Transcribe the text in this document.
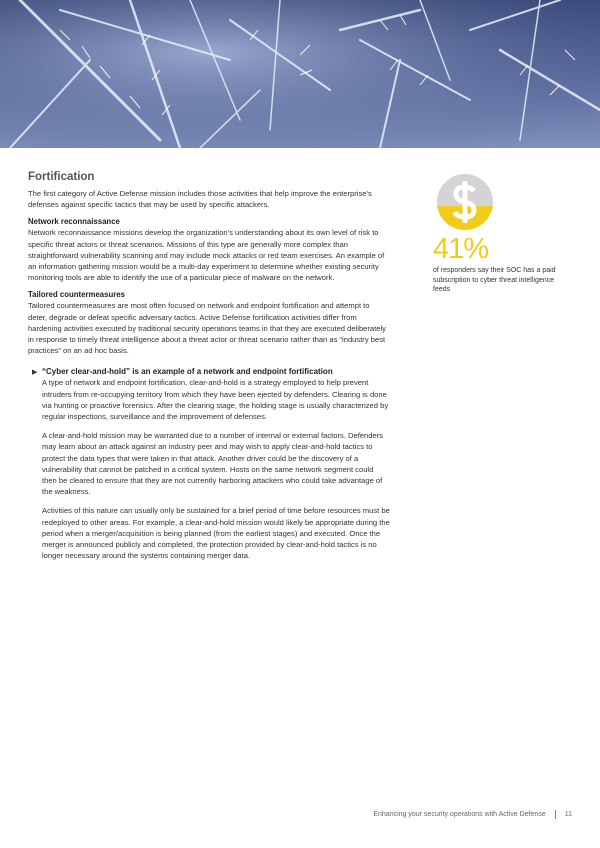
Fortification

The first category of Active Defense mission includes those activities that help improve the enterprise's defenses against specific tactics that may be used by specific attackers.

Network reconnaissance

Network reconnaissance missions develop the organization's understanding about its own level of risk to specific threat actors or threat scenarios. Missions of this type are generally more complex than straightforward vulnerability scanning and may include mock attacks or red team exercises. An example of an information gathering mission would be a multi-day experiment to determine whether existing security monitoring tools are able to identify the use of a particular piece of malware on the network.

Tailored countermeasures

Tailored countermeasures are most often focused on network and endpoint fortification and attempt to deter, degrade or defeat specific adversary tactics. Active Defense fortification activities differ from hardening activities executed by traditional security operations teams in that they are executed deliberately in response to timely threat intelligence about a threat actor or threat scenario rather than as “industry best practices” on an ad hoc basis.

▶ “Cyber clear-and-hold” is an example of a network and endpoint fortification

A type of network and endpoint fortification, clear-and-hold is a strategy employed to help prevent intruders from re-occupying territory from which they have been ejected by defenders. Clearing is done via hunting or proactive forensics. After the clearing stage, the holding stage is usually characterized by regular inspections, surveillance and the improvement of defenses.

A clear-and-hold mission may be warranted due to a number of internal or external factors. Defenders may learn about an attack against an industry peer and may wish to apply clear-and-hold tactics to protect the data types that were taken in that attack. Another driver could be the discovery of a vulnerability that cannot be patched in a critical system. Hosts on the same network segment could then be cleared to ensure that they are not currently harboring attackers who could take advantage of the weakness.

Activities of this nature can usually only be sustained for a brief period of time before resources must be redeployed to other areas. For example, a clear-and-hold mission would likely be appropriate during the period when a merger/acquisition is being planned (from the earliest stages) and executed. Once the merger is announced publicly and completed, the protection provided by clear-and-hold tactics is no longer necessary around the systems containing merger data.

41%
of responders say their SOC has a paid subscription to cyber threat intelligence feeds
Enhancing your security operations with Active Defense	11
